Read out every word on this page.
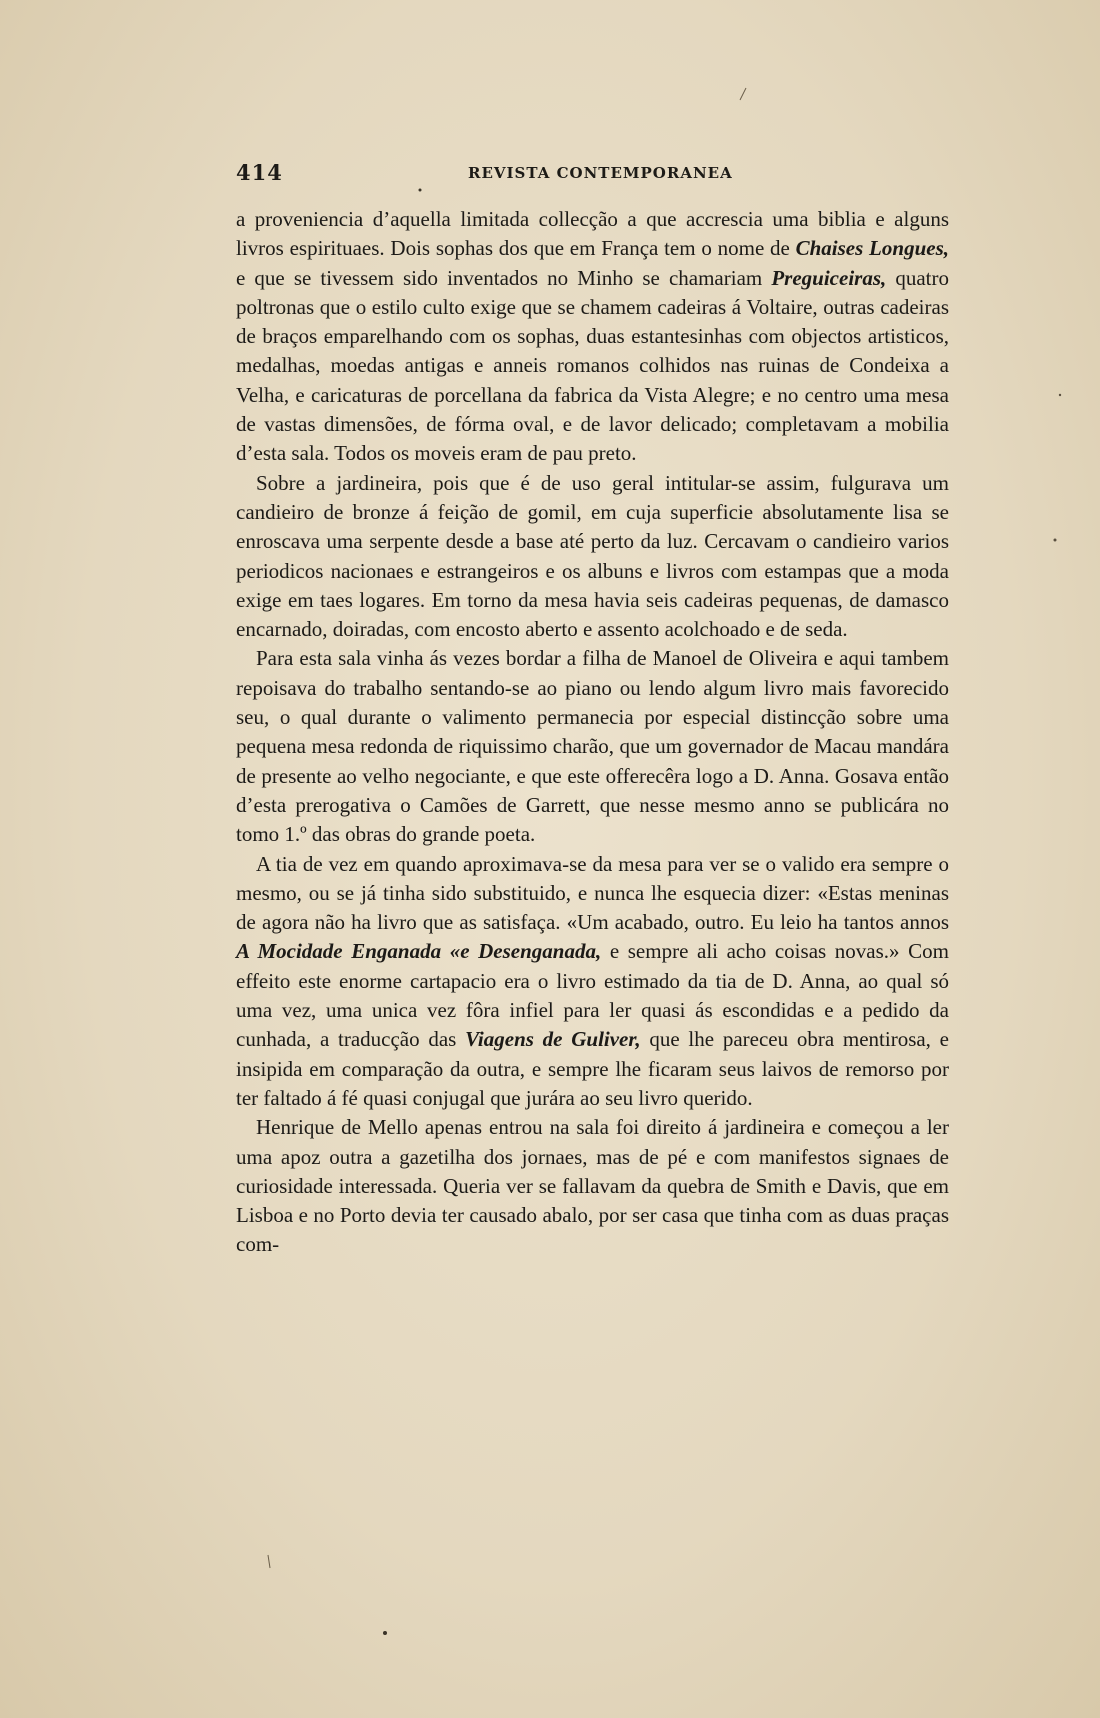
414	REVISTA CONTEMPORANEA

a proveniencia d’aquella limitada collecção a que accrescia uma biblia e alguns livros espirituaes. Dois sophas dos que em França tem o nome de Chaises Longues, e que se tivessem sido inventados no Minho se chamariam Preguiceiras, quatro poltronas que o estilo culto exige que se chamem cadeiras á Voltaire, outras cadeiras de braços emparelhando com os sophas, duas estantesinhas com objectos artisticos, medalhas, moedas antigas e anneis romanos colhidos nas ruinas de Condeixa a Velha, e caricaturas de porcellana da fabrica da Vista Alegre; e no centro uma mesa de vastas dimensões, de fórma oval, e de lavor delicado; completavam a mobilia d’esta sala. Todos os moveis eram de pau preto.

Sobre a jardineira, pois que é de uso geral intitular-se assim, fulgurava um candieiro de bronze á feição de gomil, em cuja superficie absolutamente lisa se enroscava uma serpente desde a base até perto da luz. Cercavam o candieiro varios periodicos nacionaes e estrangeiros e os albuns e livros com estampas que a moda exige em taes logares. Em torno da mesa havia seis cadeiras pequenas, de damasco encarnado, doiradas, com encosto aberto e assento acolchoado e de seda.

Para esta sala vinha ás vezes bordar a filha de Manoel de Oliveira e aqui tambem repoisava do trabalho sentando-se ao piano ou lendo algum livro mais favorecido seu, o qual durante o valimento permanecia por especial distincção sobre uma pequena mesa redonda de riquissimo charão, que um governador de Macau mandára de presente ao velho negociante, e que este offerecêra logo a D. Anna. Gosava então d’esta prerogativa o Camões de Garrett, que nesse mesmo anno se publicára no tomo 1.º das obras do grande poeta.

A tia de vez em quando aproximava-se da mesa para ver se o valido era sempre o mesmo, ou se já tinha sido substituido, e nunca lhe esquecia dizer: «Estas meninas de agora não ha livro que as satisfaça. «Um acabado, outro. Eu leio ha tantos annos A Mocidade Enganada «e Desenganada, e sempre ali acho coisas novas.» Com effeito este enorme cartapacio era o livro estimado da tia de D. Anna, ao qual só uma vez, uma unica vez fôra infiel para ler quasi ás escondidas e a pedido da cunhada, a traducção das Viagens de Guliver, que lhe pareceu obra mentirosa, e insipida em comparação da outra, e sempre lhe ficaram seus laivos de remorso por ter faltado á fé quasi conjugal que jurára ao seu livro querido.

Henrique de Mello apenas entrou na sala foi direito á jardineira e começou a ler uma apoz outra a gazetilha dos jornaes, mas de pé e com manifestos signaes de curiosidade interessada. Queria ver se fallavam da quebra de Smith e Davis, que em Lisboa e no Porto devia ter causado abalo, por ser casa que tinha com as duas praças com-
